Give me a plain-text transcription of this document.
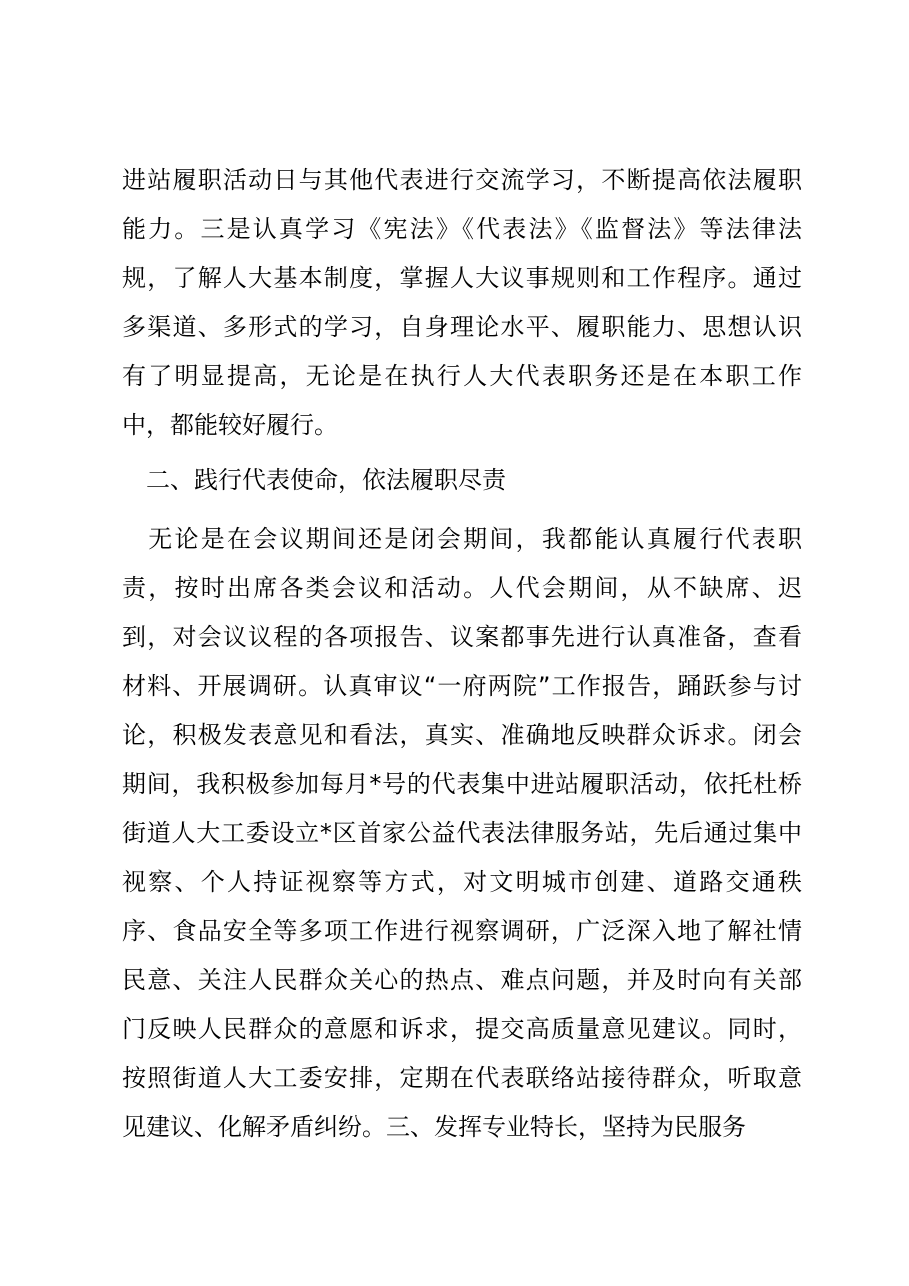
进站履职活动日与其他代表进行交流学习，不断提高依法履职
能力。三是认真学习《宪法》《代表法》《监督法》等法律法
规，了解人大基本制度，掌握人大议事规则和工作程序。通过
多渠道、多形式的学习，自身理论水平、履职能力、思想认识
有了明显提高，无论是在执行人大代表职务还是在本职工作
中，都能较好履行。
　二、践行代表使命，依法履职尽责
　无论是在会议期间还是闭会期间，我都能认真履行代表职
责，按时出席各类会议和活动。人代会期间，从不缺席、迟
到，对会议议程的各项报告、议案都事先进行认真准备，查看
材料、开展调研。认真审议“一府两院”工作报告，踊跃参与讨
论，积极发表意见和看法，真实、准确地反映群众诉求。闭会
期间，我积极参加每月*号的代表集中进站履职活动，依托杜桥
街道人大工委设立*区首家公益代表法律服务站，先后通过集中
视察、个人持证视察等方式，对文明城市创建、道路交通秩
序、食品安全等多项工作进行视察调研，广泛深入地了解社情
民意、关注人民群众关心的热点、难点问题，并及时向有关部
门反映人民群众的意愿和诉求，提交高质量意见建议。同时，
按照街道人大工委安排，定期在代表联络站接待群众，听取意
见建议、化解矛盾纠纷。三、发挥专业特长，坚持为民服务
